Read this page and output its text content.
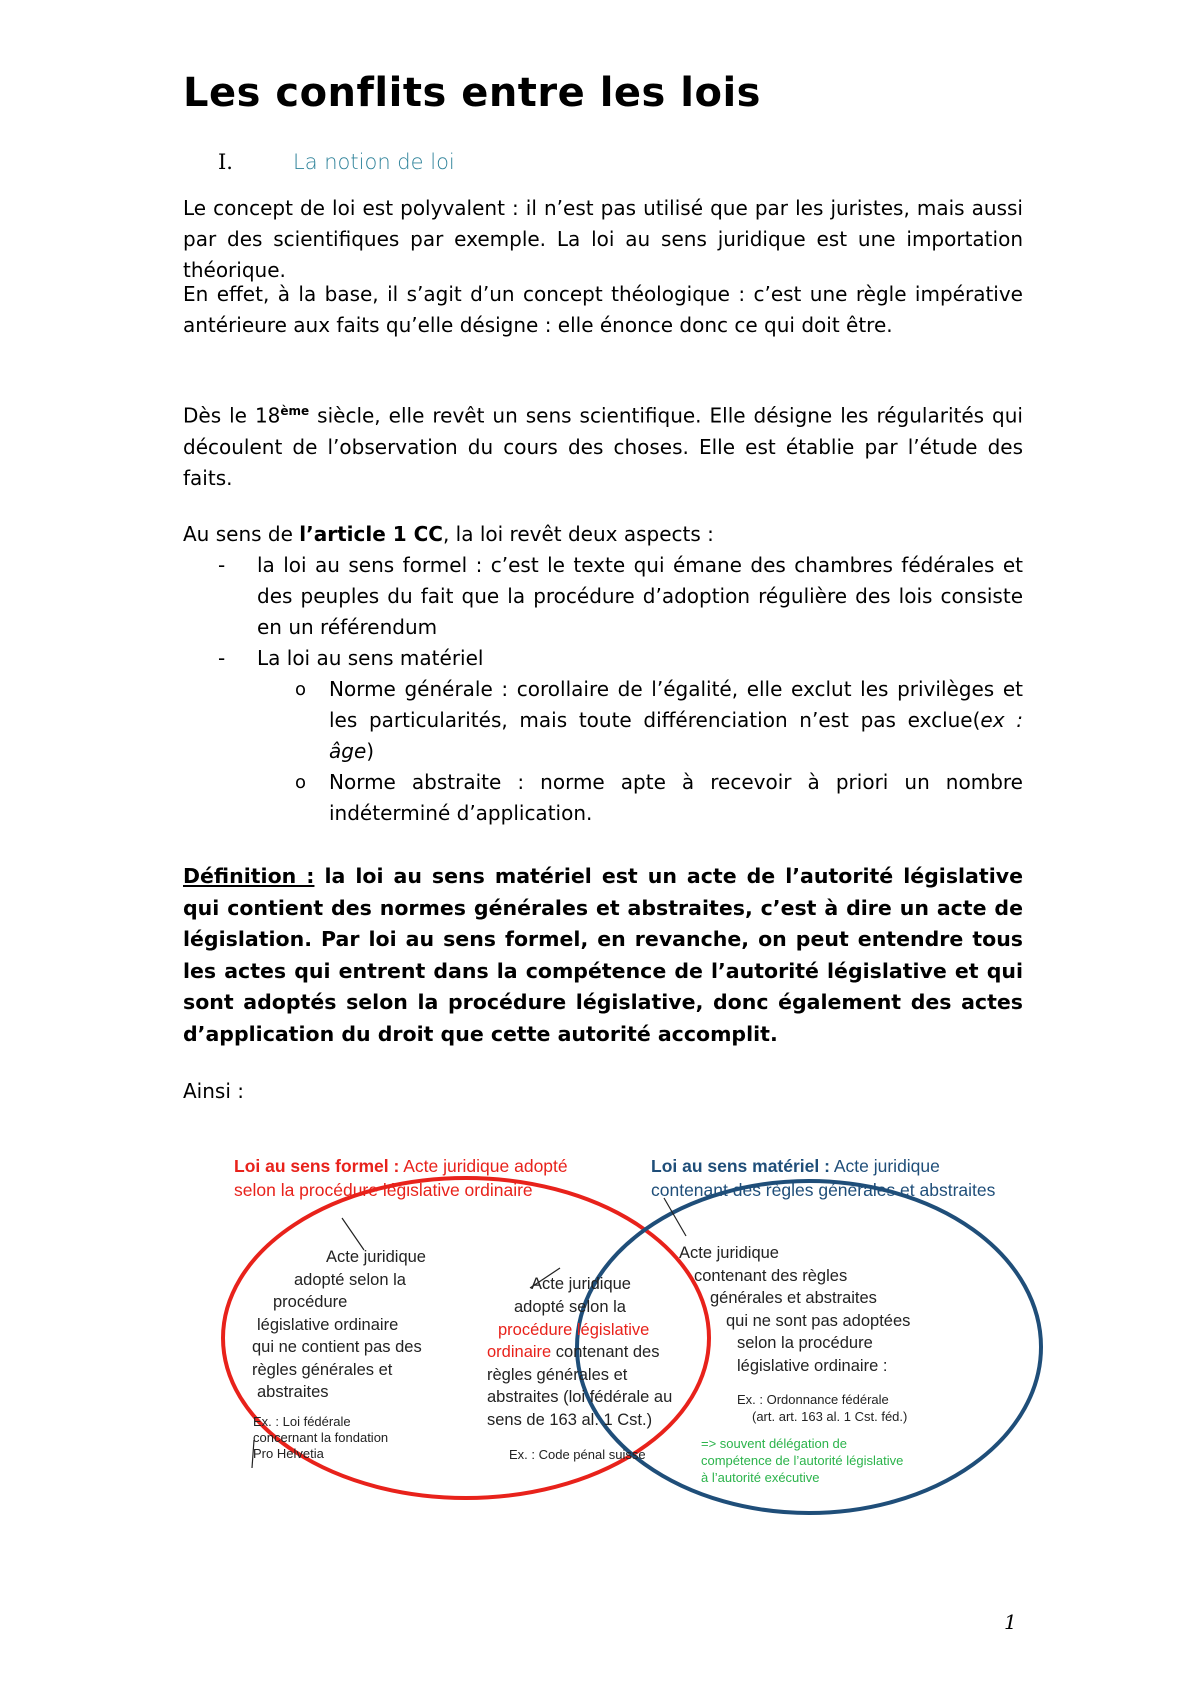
Les conflits entre les lois
I.	La notion de loi

Le concept de loi est polyvalent : il n’est pas utilisé que par les juristes, mais aussi par des scientifiques par exemple. La loi au sens juridique est une importation théorique.

En effet, à la base, il s’agit d’un concept théologique : c’est une règle impérative antérieure aux faits qu’elle désigne : elle énonce donc ce qui doit être.

Dès le 18ème siècle, elle revêt un sens scientifique. Elle désigne les régularités qui découlent de l’observation du cours des choses. Elle est établie par l’étude des faits.

Au sens de l’article 1 CC, la loi revêt deux aspects :

- la loi au sens formel : c’est le texte qui émane des chambres fédérales et des peuples du fait que la procédure d’adoption régulière des lois consiste en un référendum
- La loi au sens matériel
o Norme générale : corollaire de l’égalité, elle exclut les privilèges et les particularités, mais toute différenciation n’est pas exclue(ex : âge)
o Norme abstraite : norme apte à recevoir à priori un nombre indéterminé d’application.

Définition : la loi au sens matériel est un acte de l’autorité législative qui contient des normes générales et abstraites, c’est à dire un acte de législation. Par loi au sens formel, en revanche, on peut entendre tous les actes qui entrent dans la compétence de l’autorité législative et qui sont adoptés selon la procédure législative, donc également des actes d’application du droit que cette autorité accomplit.

Ainsi :

Loi au sens formel : Acte juridique adopté
selon la procédure législative ordinaire
Loi au sens matériel : Acte juridique
contenant des règles générales et abstraites
Acte juridique
adopté selon la
procédure
législative ordinaire
qui ne contient pas des
règles générales et
abstraites
Ex. : Loi fédérale
concernant la fondation
Pro Helvetia
Acte juridique
adopté selon la
procédure législative
ordinaire contenant des
règles générales et
abstraites (loi fédérale au
sens de 163 al. 1 Cst.)
Ex. : Code pénal suisse
Acte juridique
contenant des règles
générales et abstraites
qui ne sont pas adoptées
selon la procédure
législative ordinaire :
Ex. : Ordonnance fédérale
(art. art. 163 al. 1 Cst. féd.)
=> souvent délégation de
compétence de l’autorité législative
à l’autorité exécutive
1
